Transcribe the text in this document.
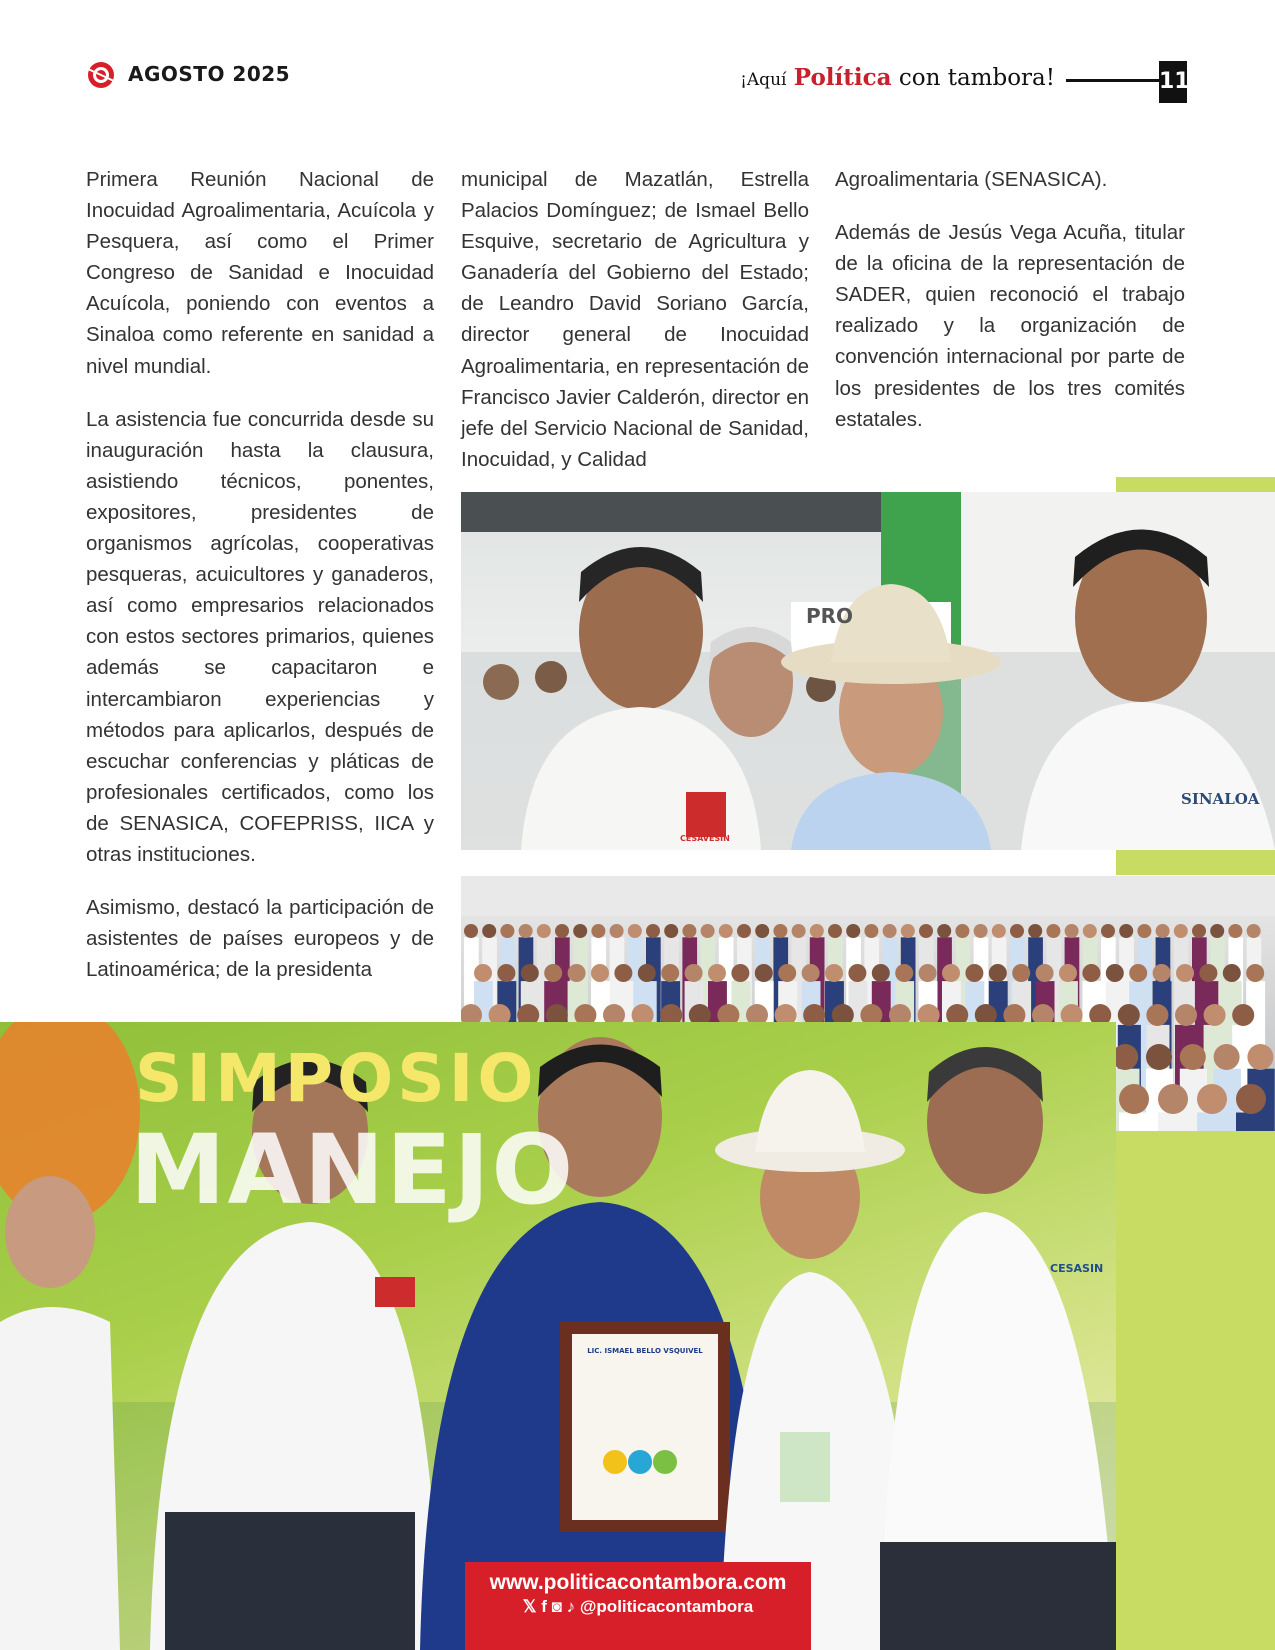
AGOSTO 2025	¡Aquí Política con tambora!	11

Primera Reunión Nacional de Inocuidad Agroalimentaria, Acuícola y Pesquera, así como el Primer Congreso de Sanidad e Inocuidad Acuícola, poniendo con eventos a Sinaloa como referente en sanidad a nivel mundial.

La asistencia fue concurrida desde su inauguración hasta la clausura, asistiendo técnicos, ponentes, expositores, presidentes de organismos agrícolas, cooperativas pesqueras, acuicultores y ganaderos, así como empresarios relacionados con estos sectores primarios, quienes además se capacitaron e intercambiaron experiencias y métodos para aplicarlos, después de escuchar conferencias y pláticas de profesionales certificados, como los de SENASICA, COFEPRISS, IICA y otras instituciones.

Asimismo, destacó la participación de asistentes de países europeos y de Latinoamérica; de la presidenta

municipal de Mazatlán, Estrella Palacios Domínguez; de Ismael Bello Esquive, secretario de Agricultura y Ganadería del Gobierno del Estado; de Leandro David Soriano García, director general de Inocuidad Agroalimentaria, en representación de Francisco Javier Calderón, director en jefe del Servicio Nacional de Sanidad, Inocuidad, y Calidad

Agroalimentaria (SENASICA).

Además de Jesús Vega Acuña, titular de la oficina de la representación de SADER, quien reconoció el trabajo realizado y la organización de convención internacional por parte de los presidentes de los tres comités estatales.

PRO
SINALOA
CESAVESIN
SIMPOSIO
MANEJO
LIC. ISMAEL BELLO VSQUIVEL
CESASIN
www.politicacontambora.com
𝕏 f ◙ ♪ @politicacontambora
